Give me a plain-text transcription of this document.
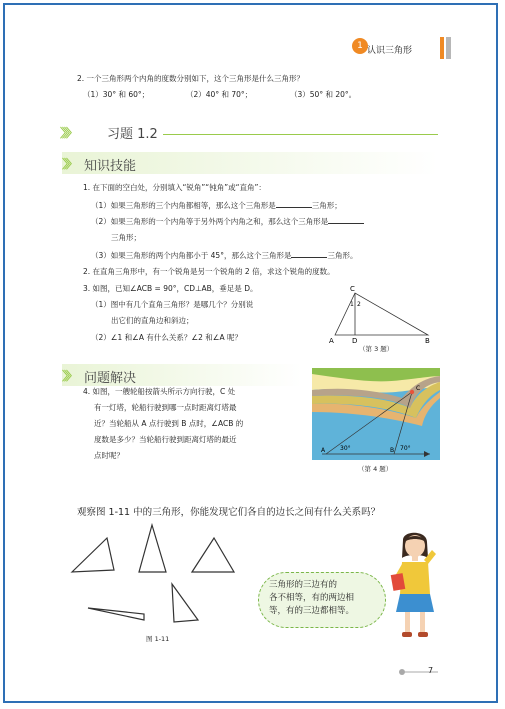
1 认识三角形
2. 一个三角形两个内角的度数分别如下，这个三角形是什么三角形？
（1）30° 和 60°；	（2）40° 和 70°；	（3）50° 和 20°。
〉〉〉〉	习题 1.2
〉〉〉 知识技能
1. 在下面的空白处，分别填入“锐角”“钝角”或“直角”：
（1）如果三角形的三个内角都相等，那么这个三角形是	三角形；
（2）如果三角形的一个内角等于另外两个内角之和，那么这个三角形是
三角形；
（3）如果三角形的两个内角都小于 45°，那么这个三角形是	三角形。
2. 在直角三角形中，有一个锐角是另一个锐角的 2 倍，求这个锐角的度数。
3. 如图，已知∠ACB = 90°，CD⊥AB，垂足是 D。
（1）图中有几个直角三角形？是哪几个？分别说
出它们的直角边和斜边；
（2）∠1 和∠A 有什么关系？∠2 和∠A 呢？
C
A	D	B
1 2
（第 3 题）
〉〉〉 问题解决
4. 如图，一艘轮船按箭头所示方向行驶，C 处
有一灯塔，轮船行驶到哪一点时距离灯塔最
近？当轮船从 A 点行驶到 B 点时，∠ACB 的
度数是多少？当轮船行驶到距离灯塔的最近
点时呢？
C
A	B
30°	70°
（第 4 题）
观察图 1-11 中的三角形，你能发现它们各自的边长之间有什么关系吗？
图 1-11
三角形的三边有的
各不相等，有的两边相
等，有的三边都相等。
7
